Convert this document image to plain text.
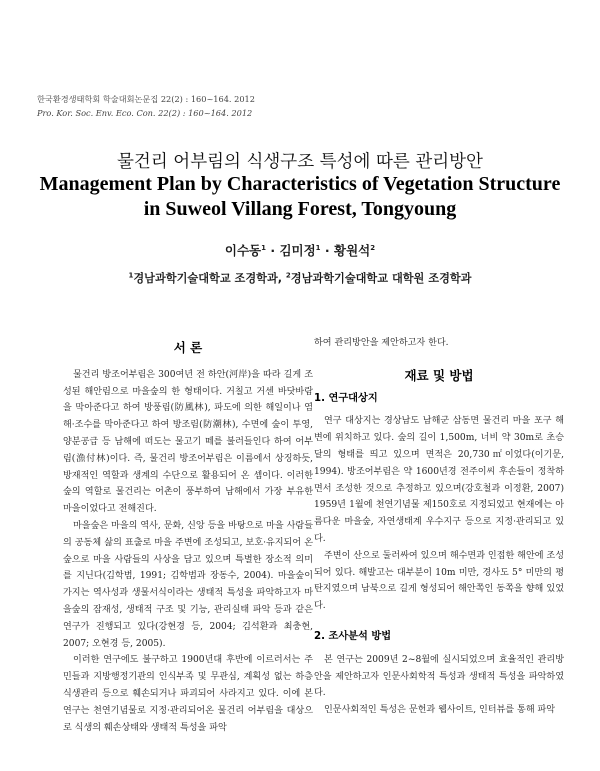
한국환경생태학회 학술대회논문집 22(2) : 160~164. 2012
Pro. Kor. Soc. Env. Eco. Con. 22(2) : 160~164. 2012
물건리 어부림의 식생구조 특성에 따른 관리방안
Management Plan by Characteristics of Vegetation Structure
in Suweol Villang Forest, Tongyoung
이수동$^1$ · 김미정$^1$ · 황원석$^2$
$^1$경남과학기술대학교 조경학과, $^2$경남과학기술대학교 대학원 조경학과
서 론

물건리 방조어부림은 300여년 전 하안(河岸)을 따라 길게 조성된 해안림으로 마을숲의 한 형태이다. 거칠고 거센 바닷바람을 막아준다고 하여 방풍림(防風林), 파도에 의한 해일이나 염해·조수를 막아준다고 하여 방조림(防潮林), 수면에 숲이 투영, 양분공급 등 남해에 떠도는 물고기 떼를 불러들인다 하여 어부림(漁付林)이다. 즉, 물건리 방조어부림은 이름에서 상징하듯, 방재적인 역할과 생계의 수단으로 활용되어 온 셈이다. 이러한 숲의 역할로 물건리는 어촌이 풍부하여 남해에서 가장 부유한 마을이었다고 전해진다.

마을숲은 마을의 역사, 문화, 신앙 등을 바탕으로 마을 사람들의 공동체 삶의 표출로 마을 주변에 조성되고, 보호·유지되어 온 숲으로 마을 사람들의 사상을 담고 있으며 특별한 장소적 의미를 지닌다(김학범, 1991; 김학범과 장동수, 2004). 마을숲이 가지는 역사성과 생물서식이라는 생태적 특성을 파악하고자 마을숲의 잠재성, 생태적 구조 및 기능, 관리실태 파악 등과 같은 연구가 진행되고 있다(강현경 등, 2004; 김석환과 최충현, 2007; 오현경 등, 2005).

이러한 연구에도 불구하고 1900년대 후반에 이르러서는 주민들과 지방행정기관의 인식부족 및 무관심, 계획성 없는 하층식생관리 등으로 훼손되거나 파괴되어 사라지고 있다. 이에 본 연구는 천연기념물로 지정·관리되어온 물건리 어부림을 대상으로 식생의 훼손상태와 생태적 특성을 파악

하여 관리방안을 제안하고자 한다.

재료 및 방법
1. 연구대상지

연구 대상지는 경상남도 남해군 삼동면 물건리 마을 포구 해변에 위치하고 있다. 숲의 길이 1,500m, 너비 약 30m로 초승달의 형태를 띄고 있으며 면적은 20,730㎡이었다(이기문, 1994). 방조어부림은 약 1600년경 전주이씨 후손들이 정착하면서 조성한 것으로 추정하고 있으며(강호철과 이정환, 2007) 1959년 1월에 천연기념물 제150호로 지정되었고 현재에는 아름다운 마을숲, 자연생태계 우수지구 등으로 지정·관리되고 있다.

주변이 산으로 둘러싸여 있으며 해수면과 인접한 해안에 조성되어 있다. 해발고는 대부분이 10m 미만, 경사도 5° 미만의 평탄지였으며 남북으로 길게 형성되어 해안쪽인 동쪽을 향해 있었다.

2. 조사분석 방법

본 연구는 2009년 2~8월에 실시되었으며 효율적인 관리방안을 제안하고자 인문사회학적 특성과 생태적 특성을 파악하였다.

인문사회적인 특성은 문헌과 웹사이트, 인터뷰를 통해 파악
